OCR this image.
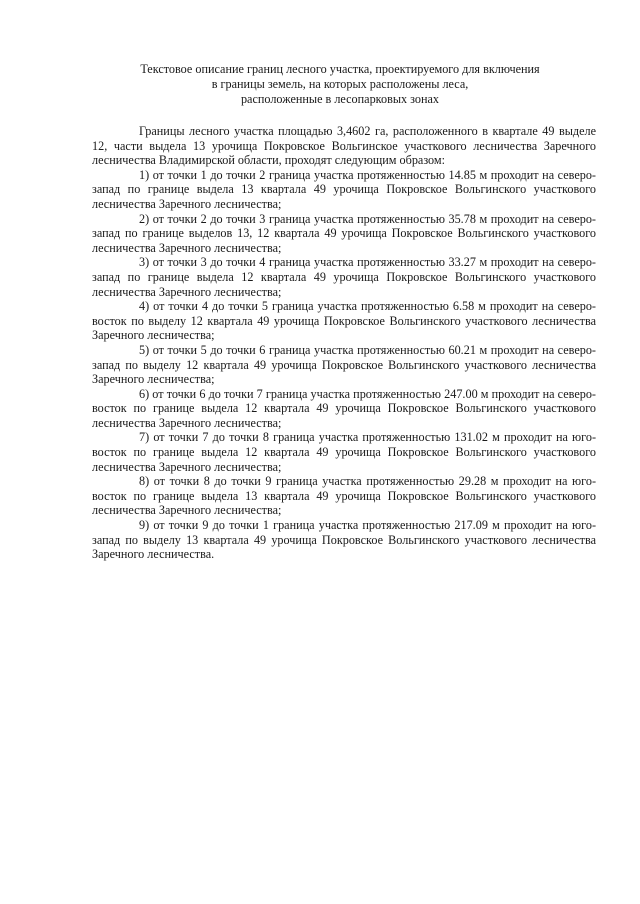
Текстовое описание границ лесного участка, проектируемого для включения
в границы земель, на которых расположены леса,
расположенные в лесопарковых зонах

Границы лесного участка площадью 3,4602 га, расположенного в квартале 49 выделе 12, части выдела 13 урочища Покровское Вольгинское участкового лесничества Заречного лесничества Владимирской области, проходят следующим образом:

1) от точки 1 до точки 2 граница участка протяженностью 14.85 м проходит на северо-запад по границе выдела 13 квартала 49 урочища Покровское Вольгинского участкового лесничества Заречного лесничества;

2) от точки 2 до точки 3 граница участка протяженностью 35.78 м проходит на северо-запад по границе выделов 13, 12 квартала 49 урочища Покровское Вольгинского участкового лесничества Заречного лесничества;

3) от точки 3 до точки 4 граница участка протяженностью 33.27 м проходит на северо-запад по границе выдела 12 квартала 49 урочища Покровское Вольгинского участкового лесничества Заречного лесничества;

4) от точки 4 до точки 5 граница участка протяженностью 6.58 м проходит на северо-восток по выделу 12 квартала 49 урочища Покровское Вольгинского участкового лесничества Заречного лесничества;

5) от точки 5 до точки 6 граница участка протяженностью 60.21 м проходит на северо-запад по выделу 12 квартала 49 урочища Покровское Вольгинского участкового лесничества Заречного лесничества;

6) от точки 6 до точки 7 граница участка протяженностью 247.00 м проходит на северо-восток по границе выдела 12 квартала 49 урочища Покровское Вольгинского участкового лесничества Заречного лесничества;

7) от точки 7 до точки 8 граница участка протяженностью 131.02 м проходит на юго-восток по границе выдела 12 квартала 49 урочища Покровское Вольгинского участкового лесничества Заречного лесничества;

8) от точки 8 до точки 9 граница участка протяженностью 29.28 м проходит на юго-восток по границе выдела 13 квартала 49 урочища Покровское Вольгинского участкового лесничества Заречного лесничества;

9) от точки 9 до точки 1 граница участка протяженностью 217.09 м проходит на юго-запад по выделу 13 квартала 49 урочища Покровское Вольгинского участкового лесничества Заречного лесничества.
